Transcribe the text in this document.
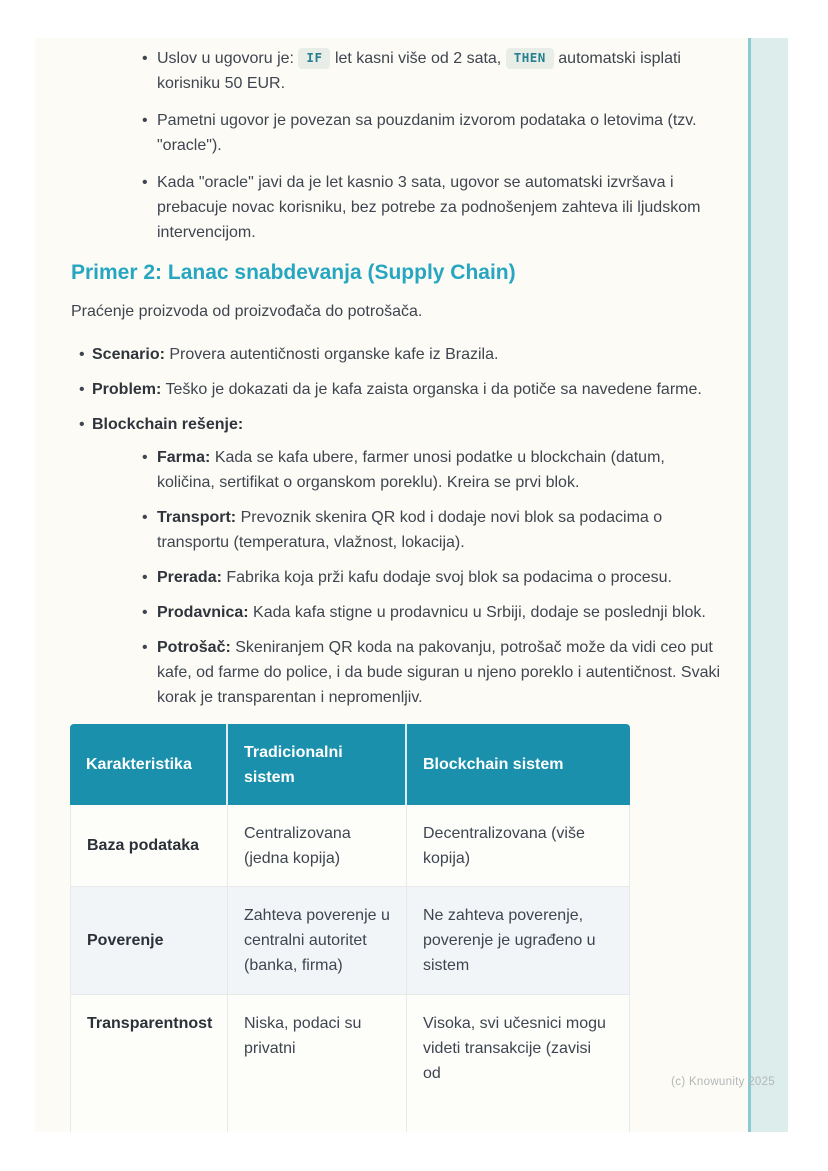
• Uslov u ugovoru je: IF let kasni više od 2 sata, THEN automatski isplati korisniku 50 EUR.
• Pametni ugovor je povezan sa pouzdanim izvorom podataka o letovima (tzv. "oracle").
• Kada "oracle" javi da je let kasnio 3 sata, ugovor se automatski izvršava i prebacuje novac korisniku, bez potrebe za podnošenjem zahteva ili ljudskom intervencijom.
Primer 2: Lanac snabdevanja (Supply Chain)

Praćenje proizvoda od proizvođača do potrošača.

• Scenario: Provera autentičnosti organske kafe iz Brazila.
• Problem: Teško je dokazati da je kafa zaista organska i da potiče sa navedene farme.
• Blockchain rešenje:
• Farma: Kada se kafa ubere, farmer unosi podatke u blockchain (datum, količina, sertifikat o organskom poreklu). Kreira se prvi blok.
• Transport: Prevoznik skenira QR kod i dodaje novi blok sa podacima o transportu (temperatura, vlažnost, lokacija).
• Prerada: Fabrika koja prži kafu dodaje svoj blok sa podacima o procesu.
• Prodavnica: Kada kafa stigne u prodavnicu u Srbiji, dodaje se poslednji blok.
• Potrošač: Skeniranjem QR koda na pakovanju, potrošač može da vidi ceo put kafe, od farme do police, i da bude siguran u njeno poreklo i autentičnost. Svaki korak je transparentan i nepromenljiv.
Karakteristika	Tradicionalni sistem	Blockchain sistem
Baza podataka	Centralizovana (jedna kopija)	Decentralizovana (više kopija)
Poverenje	Zahteva poverenje u centralni autoritet (banka, firma)	Ne zahteva poverenje, poverenje je ugrađeno u sistem
Transparentnost	Niska, podaci su privatni	Visoka, svi učesnici mogu videti transakcije (zavisi od	(c) Knowunity 2025
